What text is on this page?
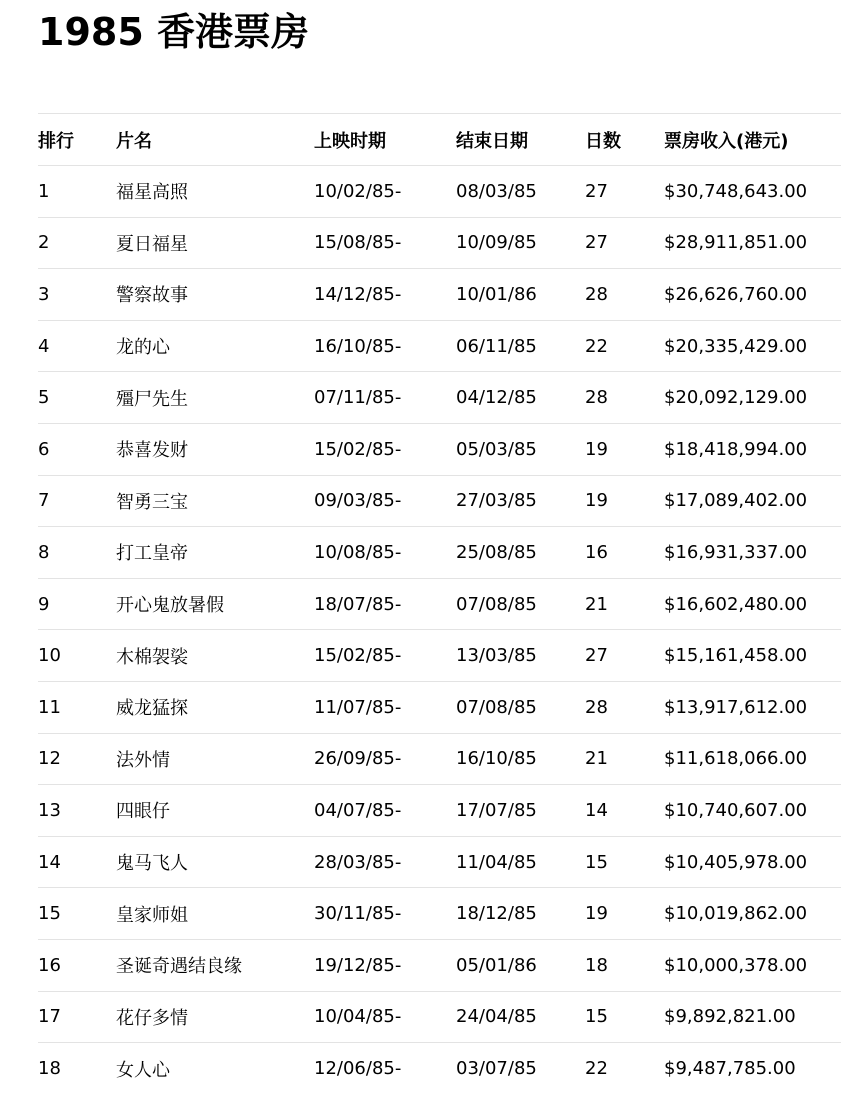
1985 香港票房
排行	片名	上映时期	结束日期	日数	票房收入(港元)
1	福星高照	10/02/85-	08/03/85	27	$30,748,643.00
2	夏日福星	15/08/85-	10/09/85	27	$28,911,851.00
3	警察故事	14/12/85-	10/01/86	28	$26,626,760.00
4	龙的心	16/10/85-	06/11/85	22	$20,335,429.00
5	殭尸先生	07/11/85-	04/12/85	28	$20,092,129.00
6	恭喜发财	15/02/85-	05/03/85	19	$18,418,994.00
7	智勇三宝	09/03/85-	27/03/85	19	$17,089,402.00
8	打工皇帝	10/08/85-	25/08/85	16	$16,931,337.00
9	开心鬼放暑假	18/07/85-	07/08/85	21	$16,602,480.00
10	木棉袈裟	15/02/85-	13/03/85	27	$15,161,458.00
11	威龙猛探	11/07/85-	07/08/85	28	$13,917,612.00
12	法外情	26/09/85-	16/10/85	21	$11,618,066.00
13	四眼仔	04/07/85-	17/07/85	14	$10,740,607.00
14	鬼马飞人	28/03/85-	11/04/85	15	$10,405,978.00
15	皇家师姐	30/11/85-	18/12/85	19	$10,019,862.00
16	圣诞奇遇结良缘	19/12/85-	05/01/86	18	$10,000,378.00
17	花仔多情	10/04/85-	24/04/85	15	$9,892,821.00
18	女人心	12/06/85-	03/07/85	22	$9,487,785.00
